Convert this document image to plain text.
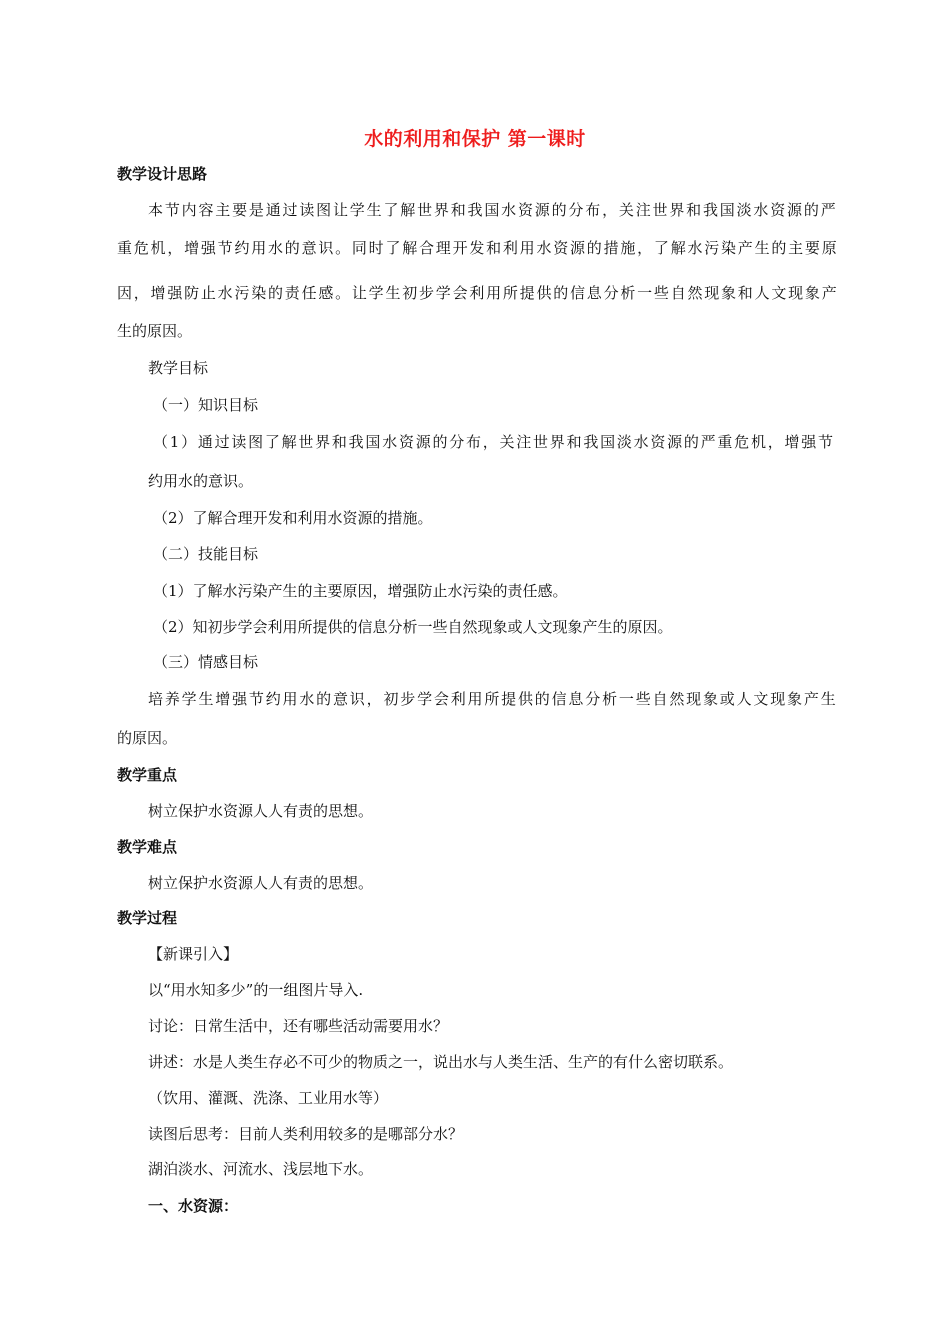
水的利用和保护 第一课时
教学设计思路
本节内容主要是通过读图让学生了解世界和我国水资源的分布，关注世界和我国淡水资源的严
重危机，增强节约用水的意识。同时了解合理开发和利用水资源的措施，了解水污染产生的主要原
因，增强防止水污染的责任感。让学生初步学会利用所提供的信息分析一些自然现象和人文现象产
生的原因。
教学目标
（一）知识目标
（1）通过读图了解世界和我国水资源的分布，关注世界和我国淡水资源的严重危机，增强节
约用水的意识。
（2）了解合理开发和利用水资源的措施。
（二）技能目标
（1）了解水污染产生的主要原因，增强防止水污染的责任感。
（2）知初步学会利用所提供的信息分析一些自然现象或人文现象产生的原因。
（三）情感目标
培养学生增强节约用水的意识，初步学会利用所提供的信息分析一些自然现象或人文现象产生
的原因。
教学重点
树立保护水资源人人有责的思想。
教学难点
树立保护水资源人人有责的思想。
教学过程
【新课引入】
以“用水知多少”的一组图片导入.
讨论：日常生活中，还有哪些活动需要用水？
讲述：水是人类生存必不可少的物质之一，说出水与人类生活、生产的有什么密切联系。
（饮用、灌溉、洗涤、工业用水等）
读图后思考：目前人类利用较多的是哪部分水？
湖泊淡水、河流水、浅层地下水。
一、水资源：
